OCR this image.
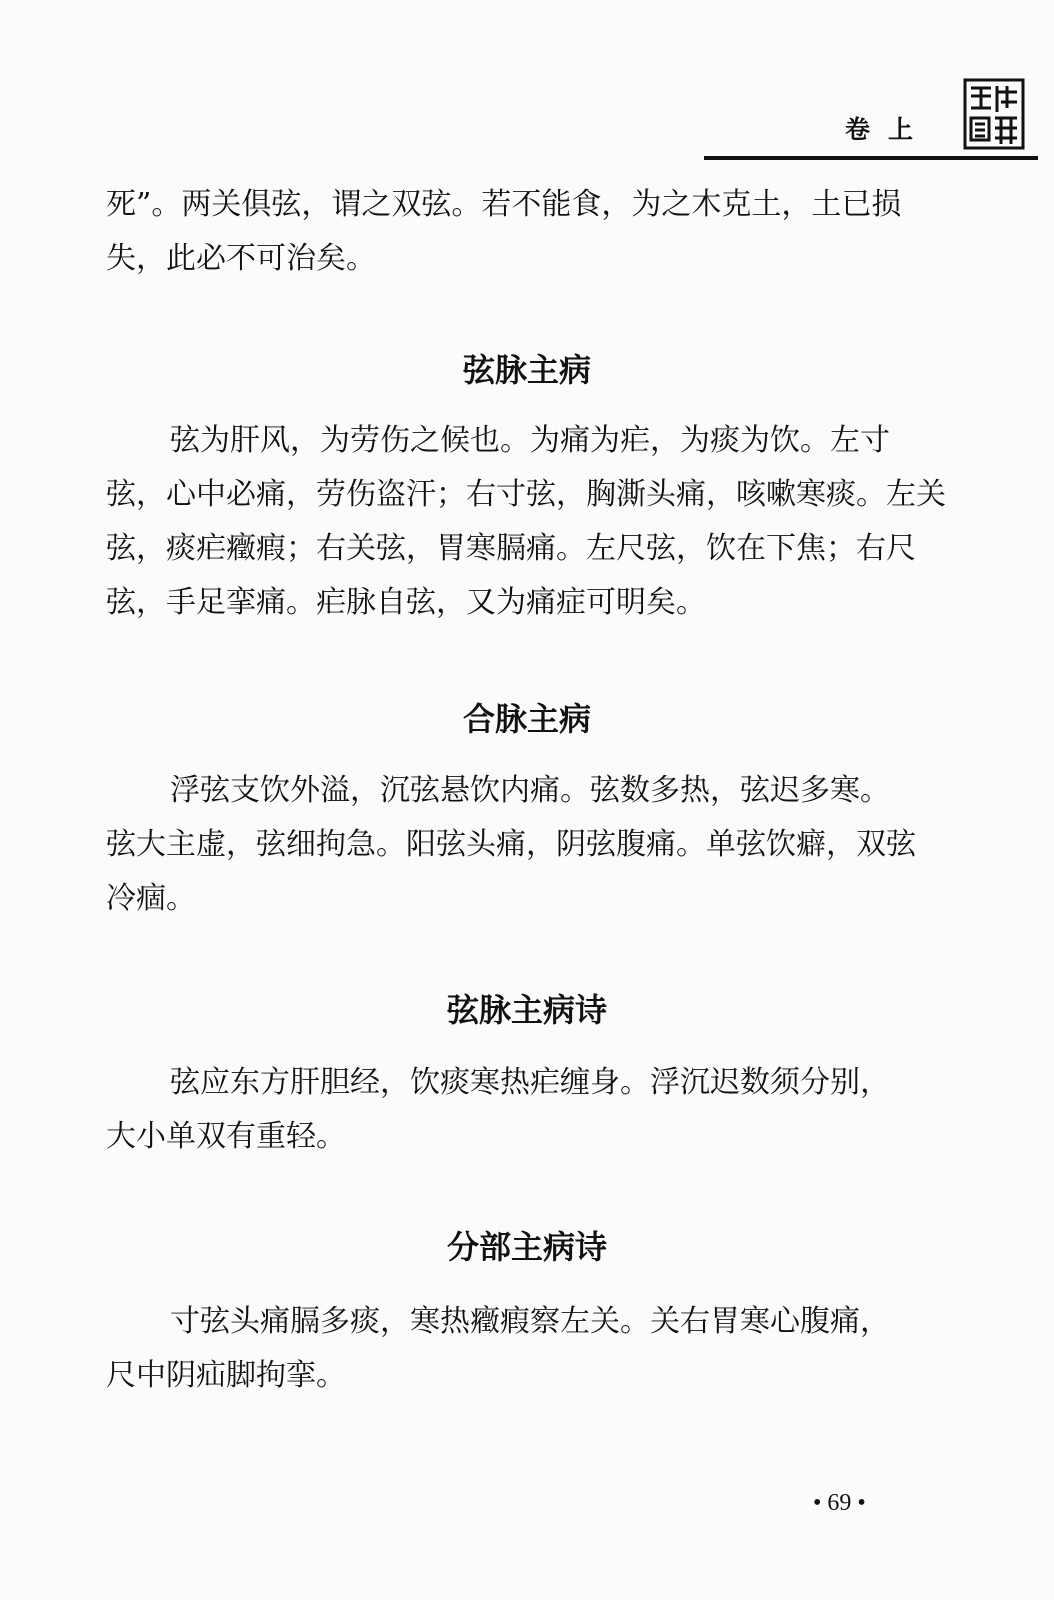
卷上

死”。两关俱弦，谓之双弦。若不能食，为之木克土，土已损
失，此必不可治矣。

弦脉主病

弦为肝风，为劳伤之候也。为痛为疟，为痰为饮。左寸
弦，心中必痛，劳伤盗汗；右寸弦，胸澌头痛，咳嗽寒痰。左关
弦，痰疟癥瘕；右关弦，胃寒膈痛。左尺弦，饮在下焦；右尺
弦，手足挛痛。疟脉自弦，又为痛症可明矣。

合脉主病

浮弦支饮外溢，沉弦悬饮内痛。弦数多热，弦迟多寒。
弦大主虚，弦细拘急。阳弦头痛，阴弦腹痛。单弦饮癖，双弦
冷痼。

弦脉主病诗

弦应东方肝胆经，饮痰寒热疟缠身。浮沉迟数须分别，
大小单双有重轻。

分部主病诗

寸弦头痛膈多痰，寒热癥瘕察左关。关右胃寒心腹痛，
尺中阴疝脚拘挛。

• 69 •
